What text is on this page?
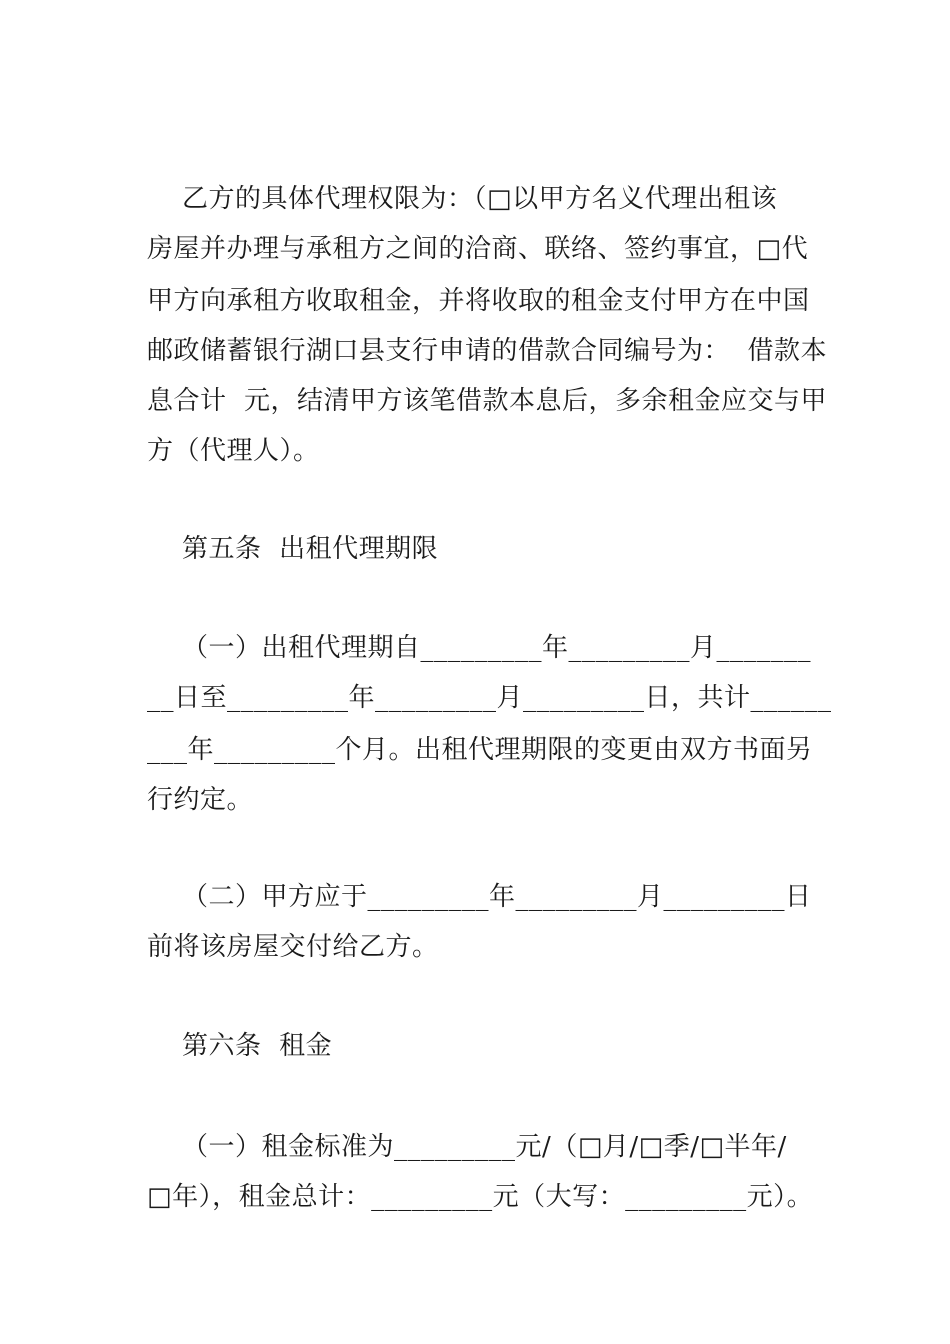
乙方的具体代理权限为：（□以甲方名义代理出租该
房屋并办理与承租方之间的洽商、联络、签约事宜，□代
甲方向承租方收取租金，并将收取的租金支付甲方在中国
邮政储蓄银行湖口县支行申请的借款合同编号为：  借款本
息合计  元，结清甲方该笔借款本息后，多余租金应交与甲
方（代理人）。
第五条  出租代理期限
（一）出租代理期自_________年_________月_______
__日至_________年_________月_________日，共计______
___年_________个月。出租代理期限的变更由双方书面另
行约定。
（二）甲方应于_________年_________月_________日
前将该房屋交付给乙方。
第六条  租金
（一）租金标准为_________元/（□月/□季/□半年/
□年），租金总计：_________元（大写：_________元）。
